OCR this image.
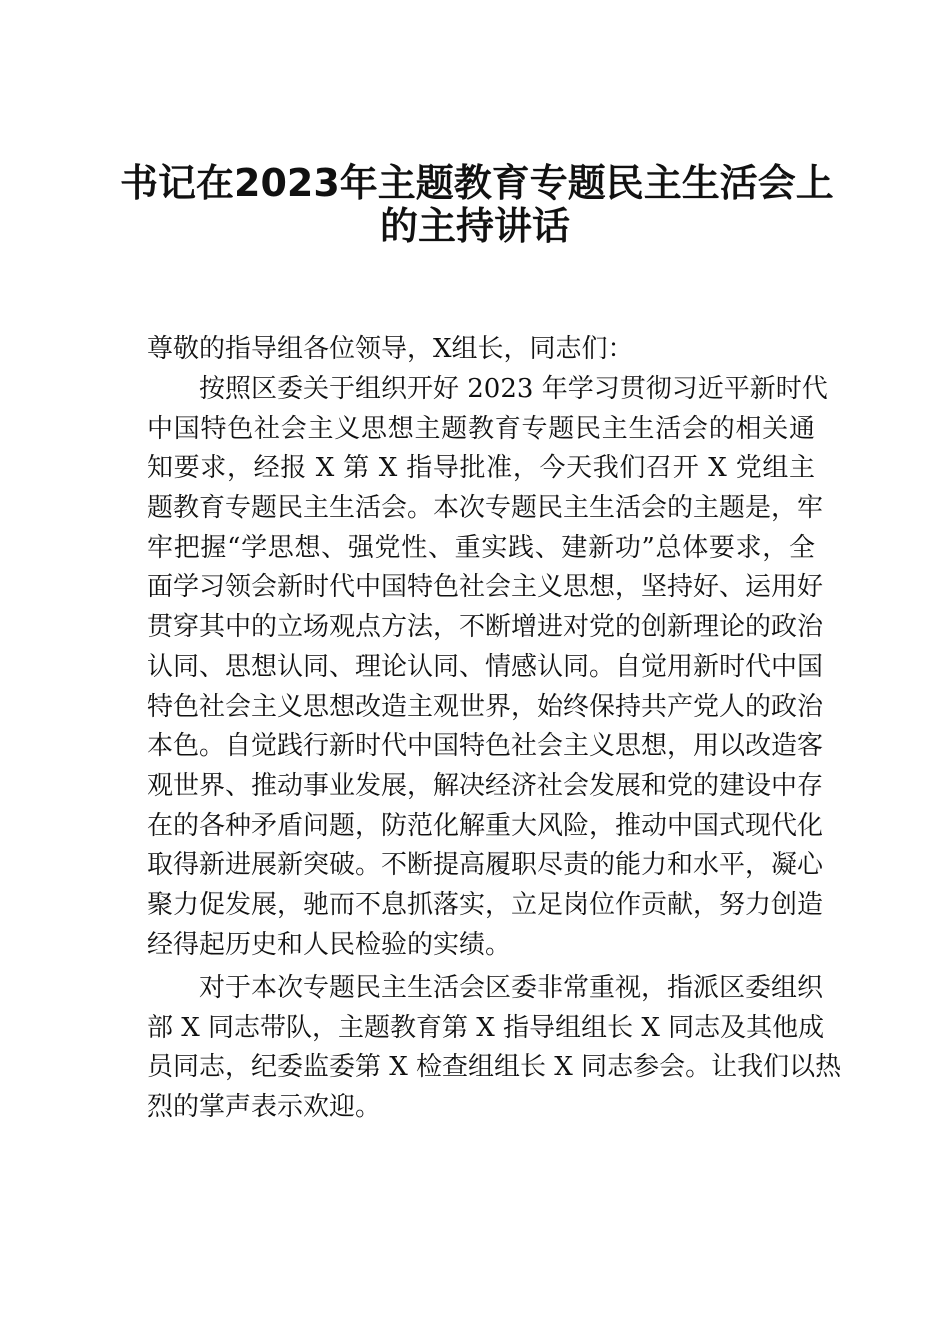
书记在2023年主题教育专题民主生活会上
的主持讲话
尊敬的指导组各位领导，X组长，同志们：
按照区委关于组织开好 2023 年学习贯彻习近平新时代
中国特色社会主义思想主题教育专题民主生活会的相关通
知要求，经报 X 第 X 指导批准，今天我们召开 X 党组主
题教育专题民主生活会。本次专题民主生活会的主题是，牢
牢把握“学思想、强党性、重实践、建新功”总体要求，全
面学习领会新时代中国特色社会主义思想，坚持好、运用好
贯穿其中的立场观点方法，不断增进对党的创新理论的政治
认同、思想认同、理论认同、情感认同。自觉用新时代中国
特色社会主义思想改造主观世界，始终保持共产党人的政治
本色。自觉践行新时代中国特色社会主义思想，用以改造客
观世界、推动事业发展，解决经济社会发展和党的建设中存
在的各种矛盾问题，防范化解重大风险，推动中国式现代化
取得新进展新突破。不断提高履职尽责的能力和水平，凝心
聚力促发展，驰而不息抓落实，立足岗位作贡献，努力创造
经得起历史和人民检验的实绩。
对于本次专题民主生活会区委非常重视，指派区委组织
部 X 同志带队，主题教育第 X 指导组组长 X 同志及其他成
员同志，纪委监委第 X 检查组组长 X 同志参会。让我们以热
烈的掌声表示欢迎。
